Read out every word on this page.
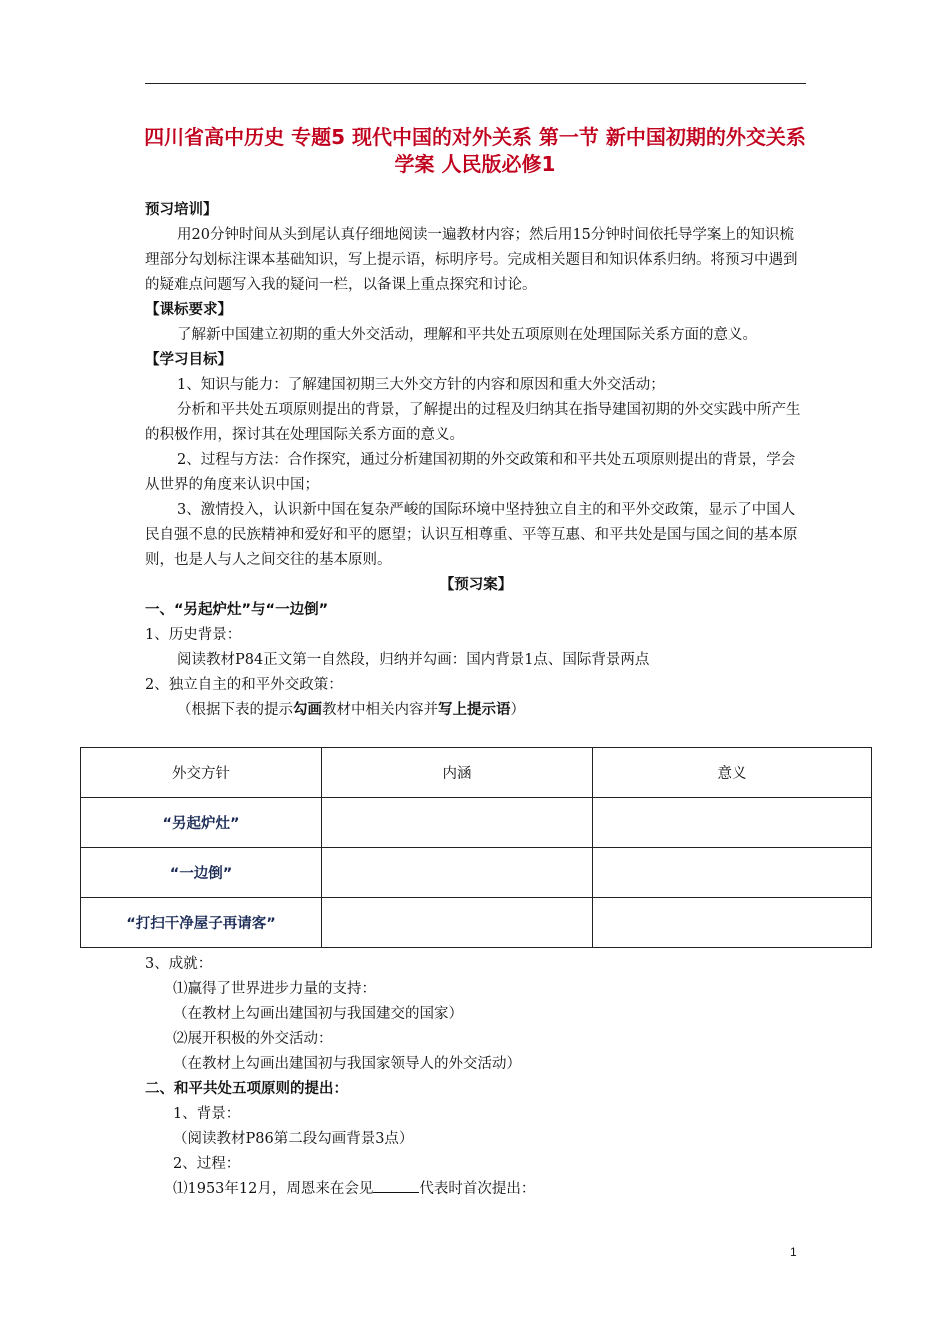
四川省高中历史 专题5 现代中国的对外关系 第一节 新中国初期的外交关系学案 人民版必修1

预习培训】

用20分钟时间从头到尾认真仔细地阅读一遍教材内容；然后用15分钟时间依托导学案上的知识梳理部分勾划标注课本基础知识，写上提示语，标明序号。完成相关题目和知识体系归纳。将预习中遇到的疑难点问题写入我的疑问一栏，以备课上重点探究和讨论。

【课标要求】

了解新中国建立初期的重大外交活动，理解和平共处五项原则在处理国际关系方面的意义。

【学习目标】

1、知识与能力：了解建国初期三大外交方针的内容和原因和重大外交活动；

分析和平共处五项原则提出的背景，了解提出的过程及归纳其在指导建国初期的外交实践中所产生的积极作用，探讨其在处理国际关系方面的意义。

2、过程与方法：合作探究，通过分析建国初期的外交政策和和平共处五项原则提出的背景，学会从世界的角度来认识中国；

3、激情投入，认识新中国在复杂严峻的国际环境中坚持独立自主的和平外交政策，显示了中国人民自强不息的民族精神和爱好和平的愿望；认识互相尊重、平等互惠、和平共处是国与国之间的基本原则，也是人与人之间交往的基本原则。

【预习案】

一、“另起炉灶”与“一边倒”

1、历史背景：

阅读教材P84正文第一自然段，归纳并勾画：国内背景1点、国际背景两点

2、独立自主的和平外交政策：

（根据下表的提示勾画教材中相关内容并写上提示语）

外交方针	内涵	意义
“另起炉灶”		
“一边倒”		
“打扫干净屋子再请客”		

3、成就：

⑴赢得了世界进步力量的支持：

（在教材上勾画出建国初与我国建交的国家）

⑵展开积极的外交活动：

（在教材上勾画出建国初与我国家领导人的外交活动）

二、和平共处五项原则的提出：

1、背景：

（阅读教材P86第二段勾画背景3点）

2、过程：

⑴1953年12月，周恩来在会见	代表时首次提出：

1
